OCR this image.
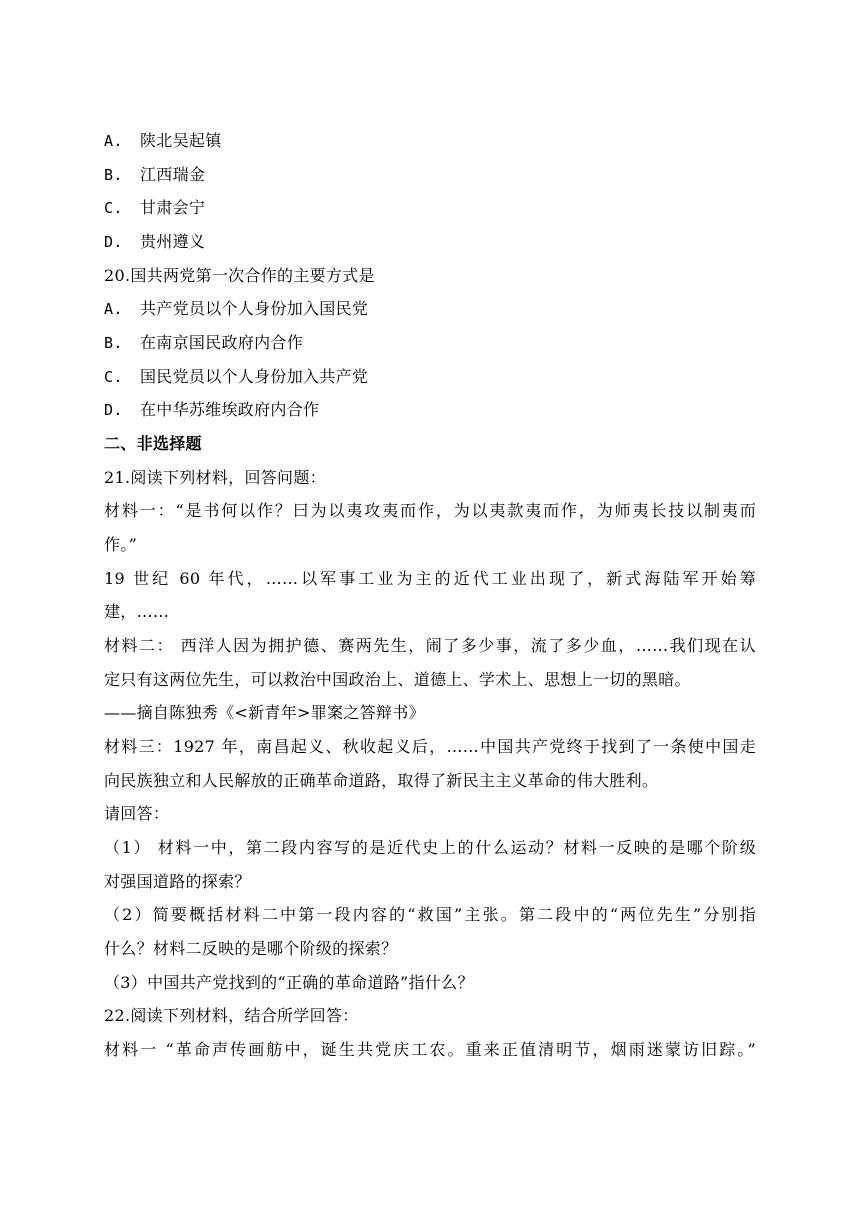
A. 陕北吴起镇
B. 江西瑞金
C. 甘肃会宁
D. 贵州遵义
20.国共两党第一次合作的主要方式是
A. 共产党员以个人身份加入国民党
B. 在南京国民政府内合作
C. 国民党员以个人身份加入共产党
D. 在中华苏维埃政府内合作
二、非选择题
21.阅读下列材料，回答问题：
材料一：“是书何以作？曰为以夷攻夷而作，为以夷款夷而作，为师夷长技以制夷而
作。”
19 世纪 60 年代，……以军事工业为主的近代工业出现了，新式海陆军开始筹
建，……
材料二： 西洋人因为拥护德、赛两先生，闹了多少事，流了多少血，……我们现在认
定只有这两位先生，可以救治中国政治上、道德上、学术上、思想上一切的黑暗。
——摘自陈独秀《<新青年>罪案之答辩书》
材料三：1927 年，南昌起义、秋收起义后，……中国共产党终于找到了一条使中国走
向民族独立和人民解放的正确革命道路，取得了新民主主义革命的伟大胜利。
请回答：
（1） 材料一中，第二段内容写的是近代史上的什么运动？材料一反映的是哪个阶级
对强国道路的探索？
（2）简要概括材料二中第一段内容的“救国”主张。第二段中的“两位先生”分别指
什么？材料二反映的是哪个阶级的探索？
（3）中国共产党找到的“正确的革命道路”指什么？
22.阅读下列材料，结合所学回答：
材料一 “革命声传画舫中，诞生共党庆工农。重来正值清明节，烟雨迷蒙访旧踪。”
